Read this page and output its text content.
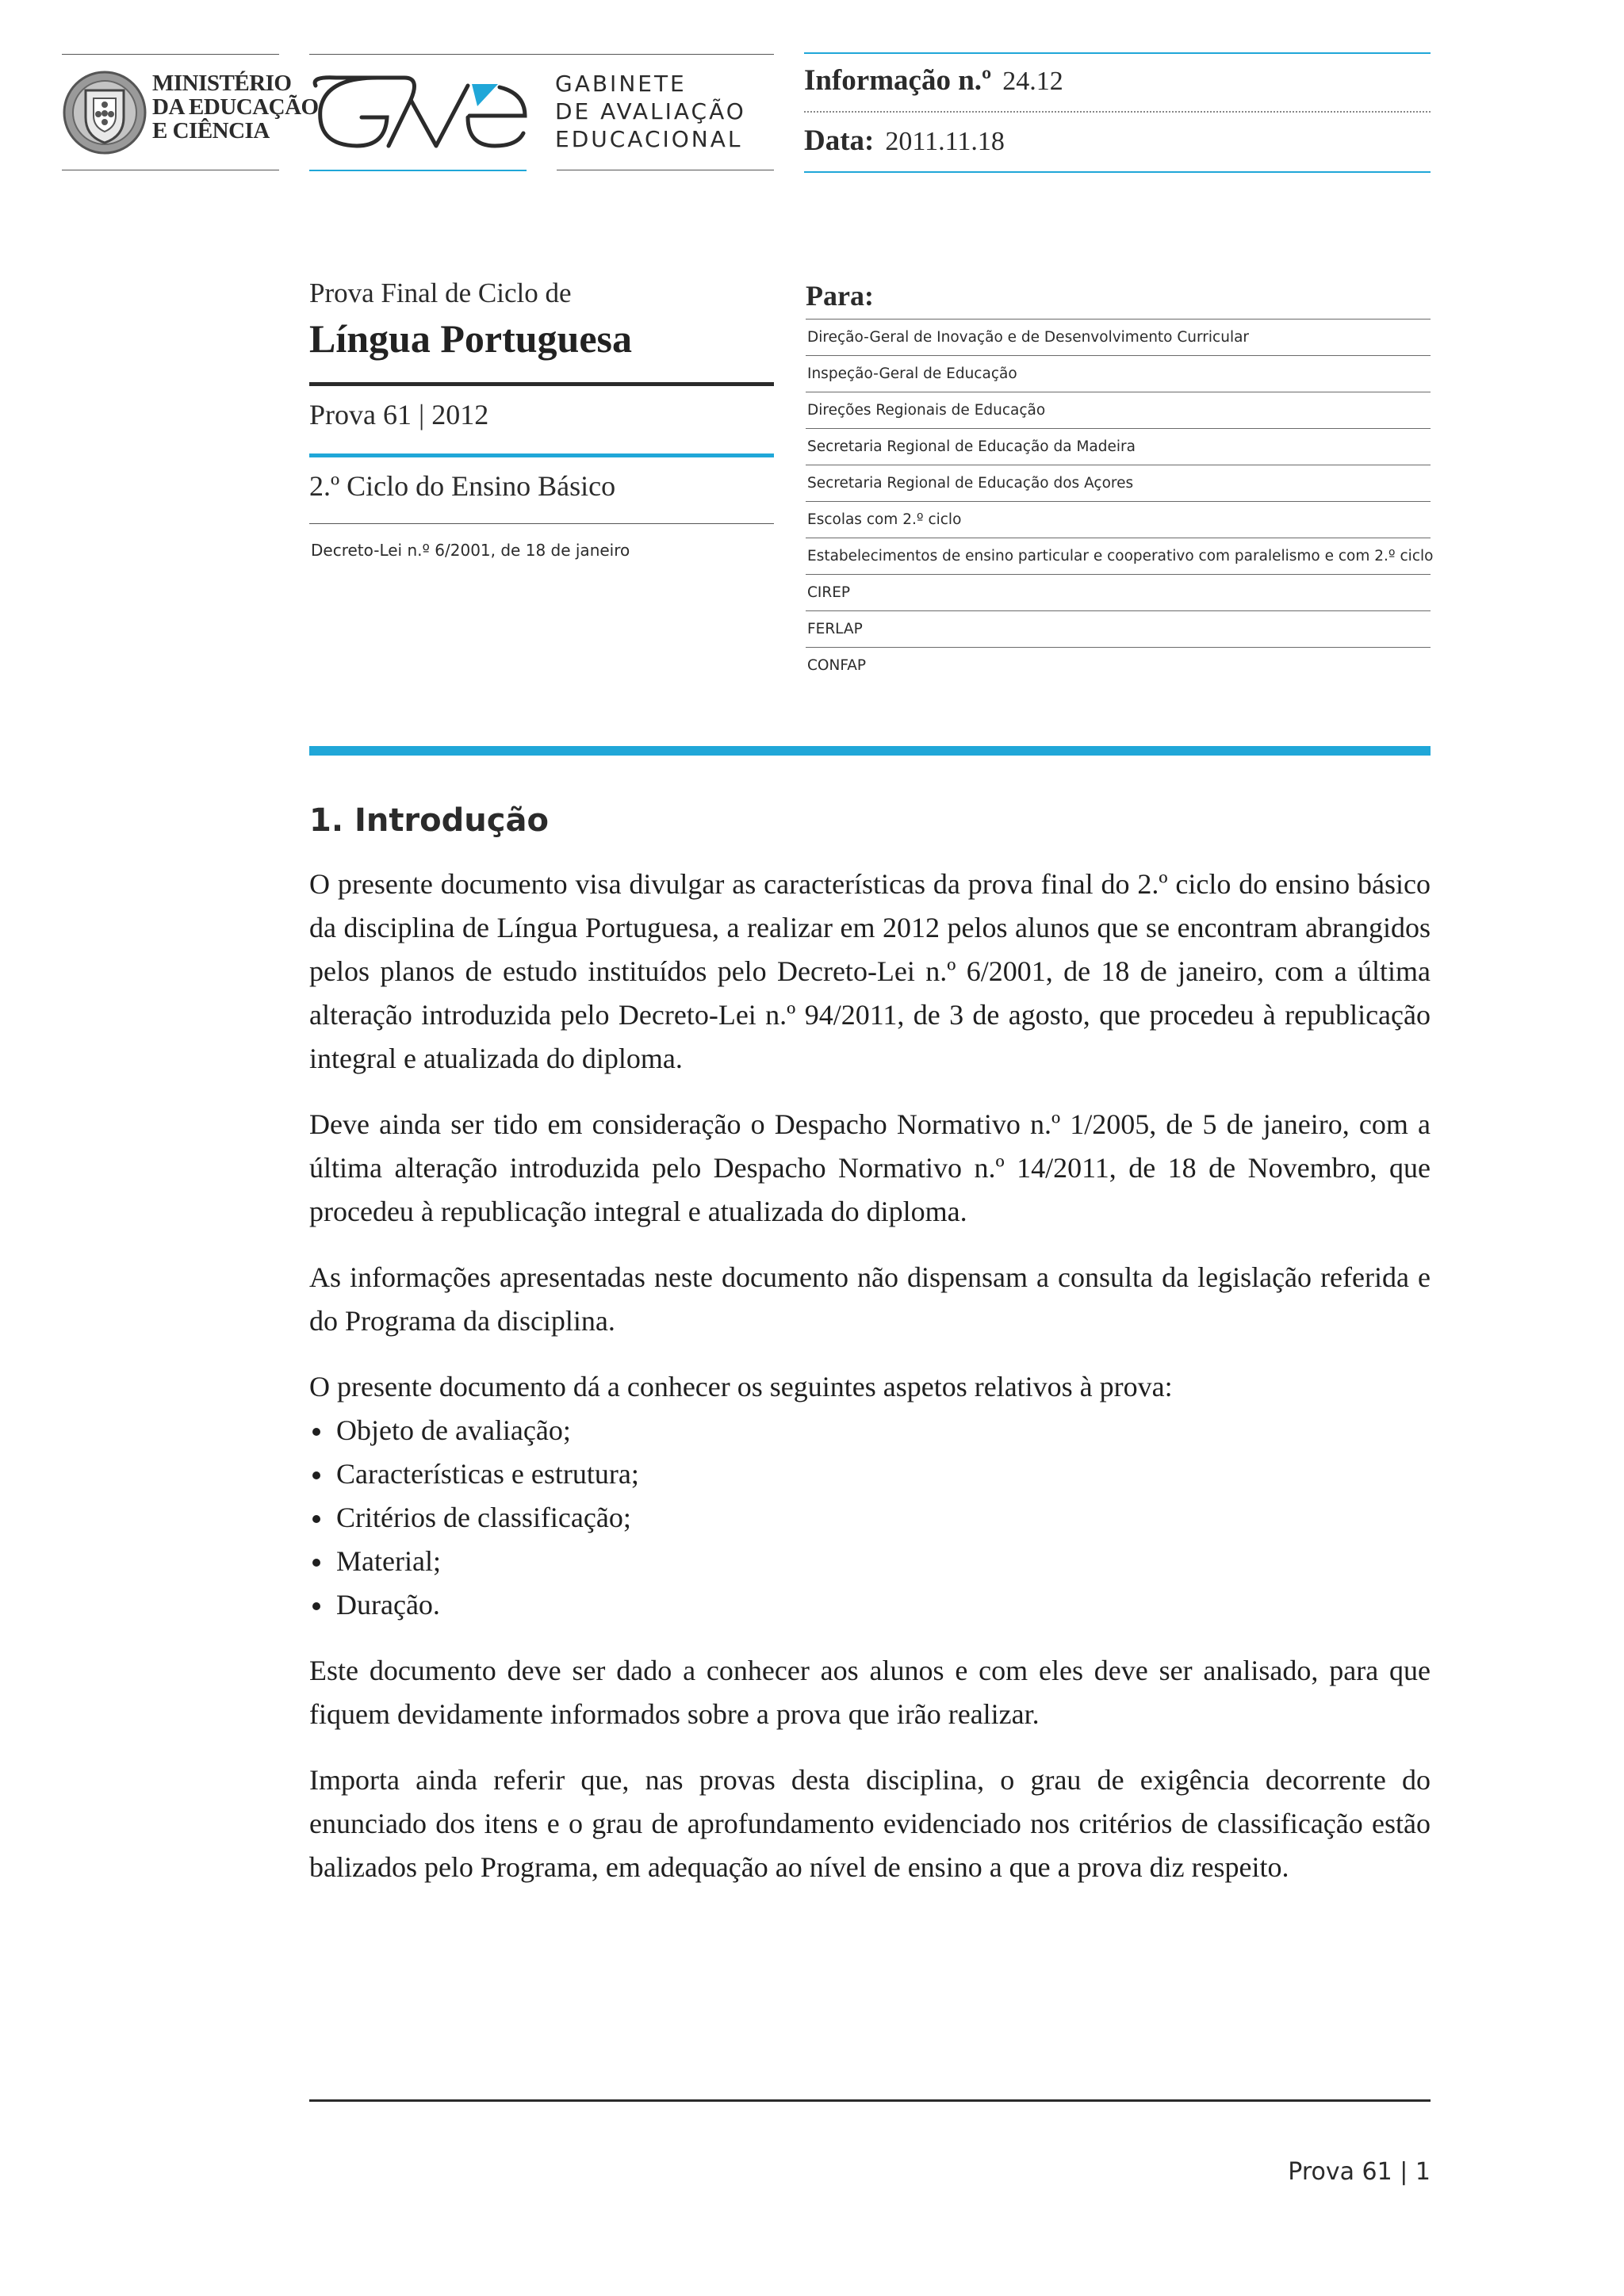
MINISTÉRIO
DA EDUCAÇÃO
E CIÊNCIA
GABINETE
DE AVALIAÇÃO
EDUCACIONAL
Informação n.º 24.12
Data: 2011.11.18
Prova Final de Ciclo de
Língua Portuguesa
Prova 61 | 2012
2.º Ciclo do Ensino Básico
Decreto-Lei n.º 6/2001, de 18 de janeiro
Para:
Direção-Geral de Inovação e de Desenvolvimento Curricular
Inspeção-Geral de Educação
Direções Regionais de Educação
Secretaria Regional de Educação da Madeira
Secretaria Regional de Educação dos Açores
Escolas com 2.º ciclo
Estabelecimentos de ensino particular e cooperativo com paralelismo e com 2.º ciclo
CIREP
FERLAP
CONFAP
1. Introdução

O presente documento visa divulgar as características da prova final do 2.º ciclo do ensino básico da disciplina de Língua Portuguesa, a realizar em 2012 pelos alunos que se encontram abrangidos pelos planos de estudo instituídos pelo Decreto-Lei n.º 6/2001, de 18 de janeiro, com a última alteração introduzida pelo Decreto-Lei n.º 94/2011, de 3 de agosto, que procedeu à republicação integral e atualizada do diploma.

Deve ainda ser tido em consideração o Despacho Normativo n.º 1/2005, de 5 de janeiro, com a última alteração introduzida pelo Despacho Normativo n.º 14/2011, de 18 de Novembro, que procedeu à republicação integral e atualizada do diploma.

As informações apresentadas neste documento não dispensam a consulta da legislação referida e do Programa da disciplina.

O presente documento dá a conhecer os seguintes aspetos relativos à prova:

Objeto de avaliação;
Características e estrutura;
Critérios de classificação;
Material;
Duração.

Este documento deve ser dado a conhecer aos alunos e com eles deve ser analisado, para que fiquem devidamente informados sobre a prova que irão realizar.

Importa ainda referir que, nas provas desta disciplina, o grau de exigência decorrente do enunciado dos itens e o grau de aprofundamento evidenciado nos critérios de classificação estão balizados pelo Programa, em adequação ao nível de ensino a que a prova diz respeito.

Prova 61 | 1
